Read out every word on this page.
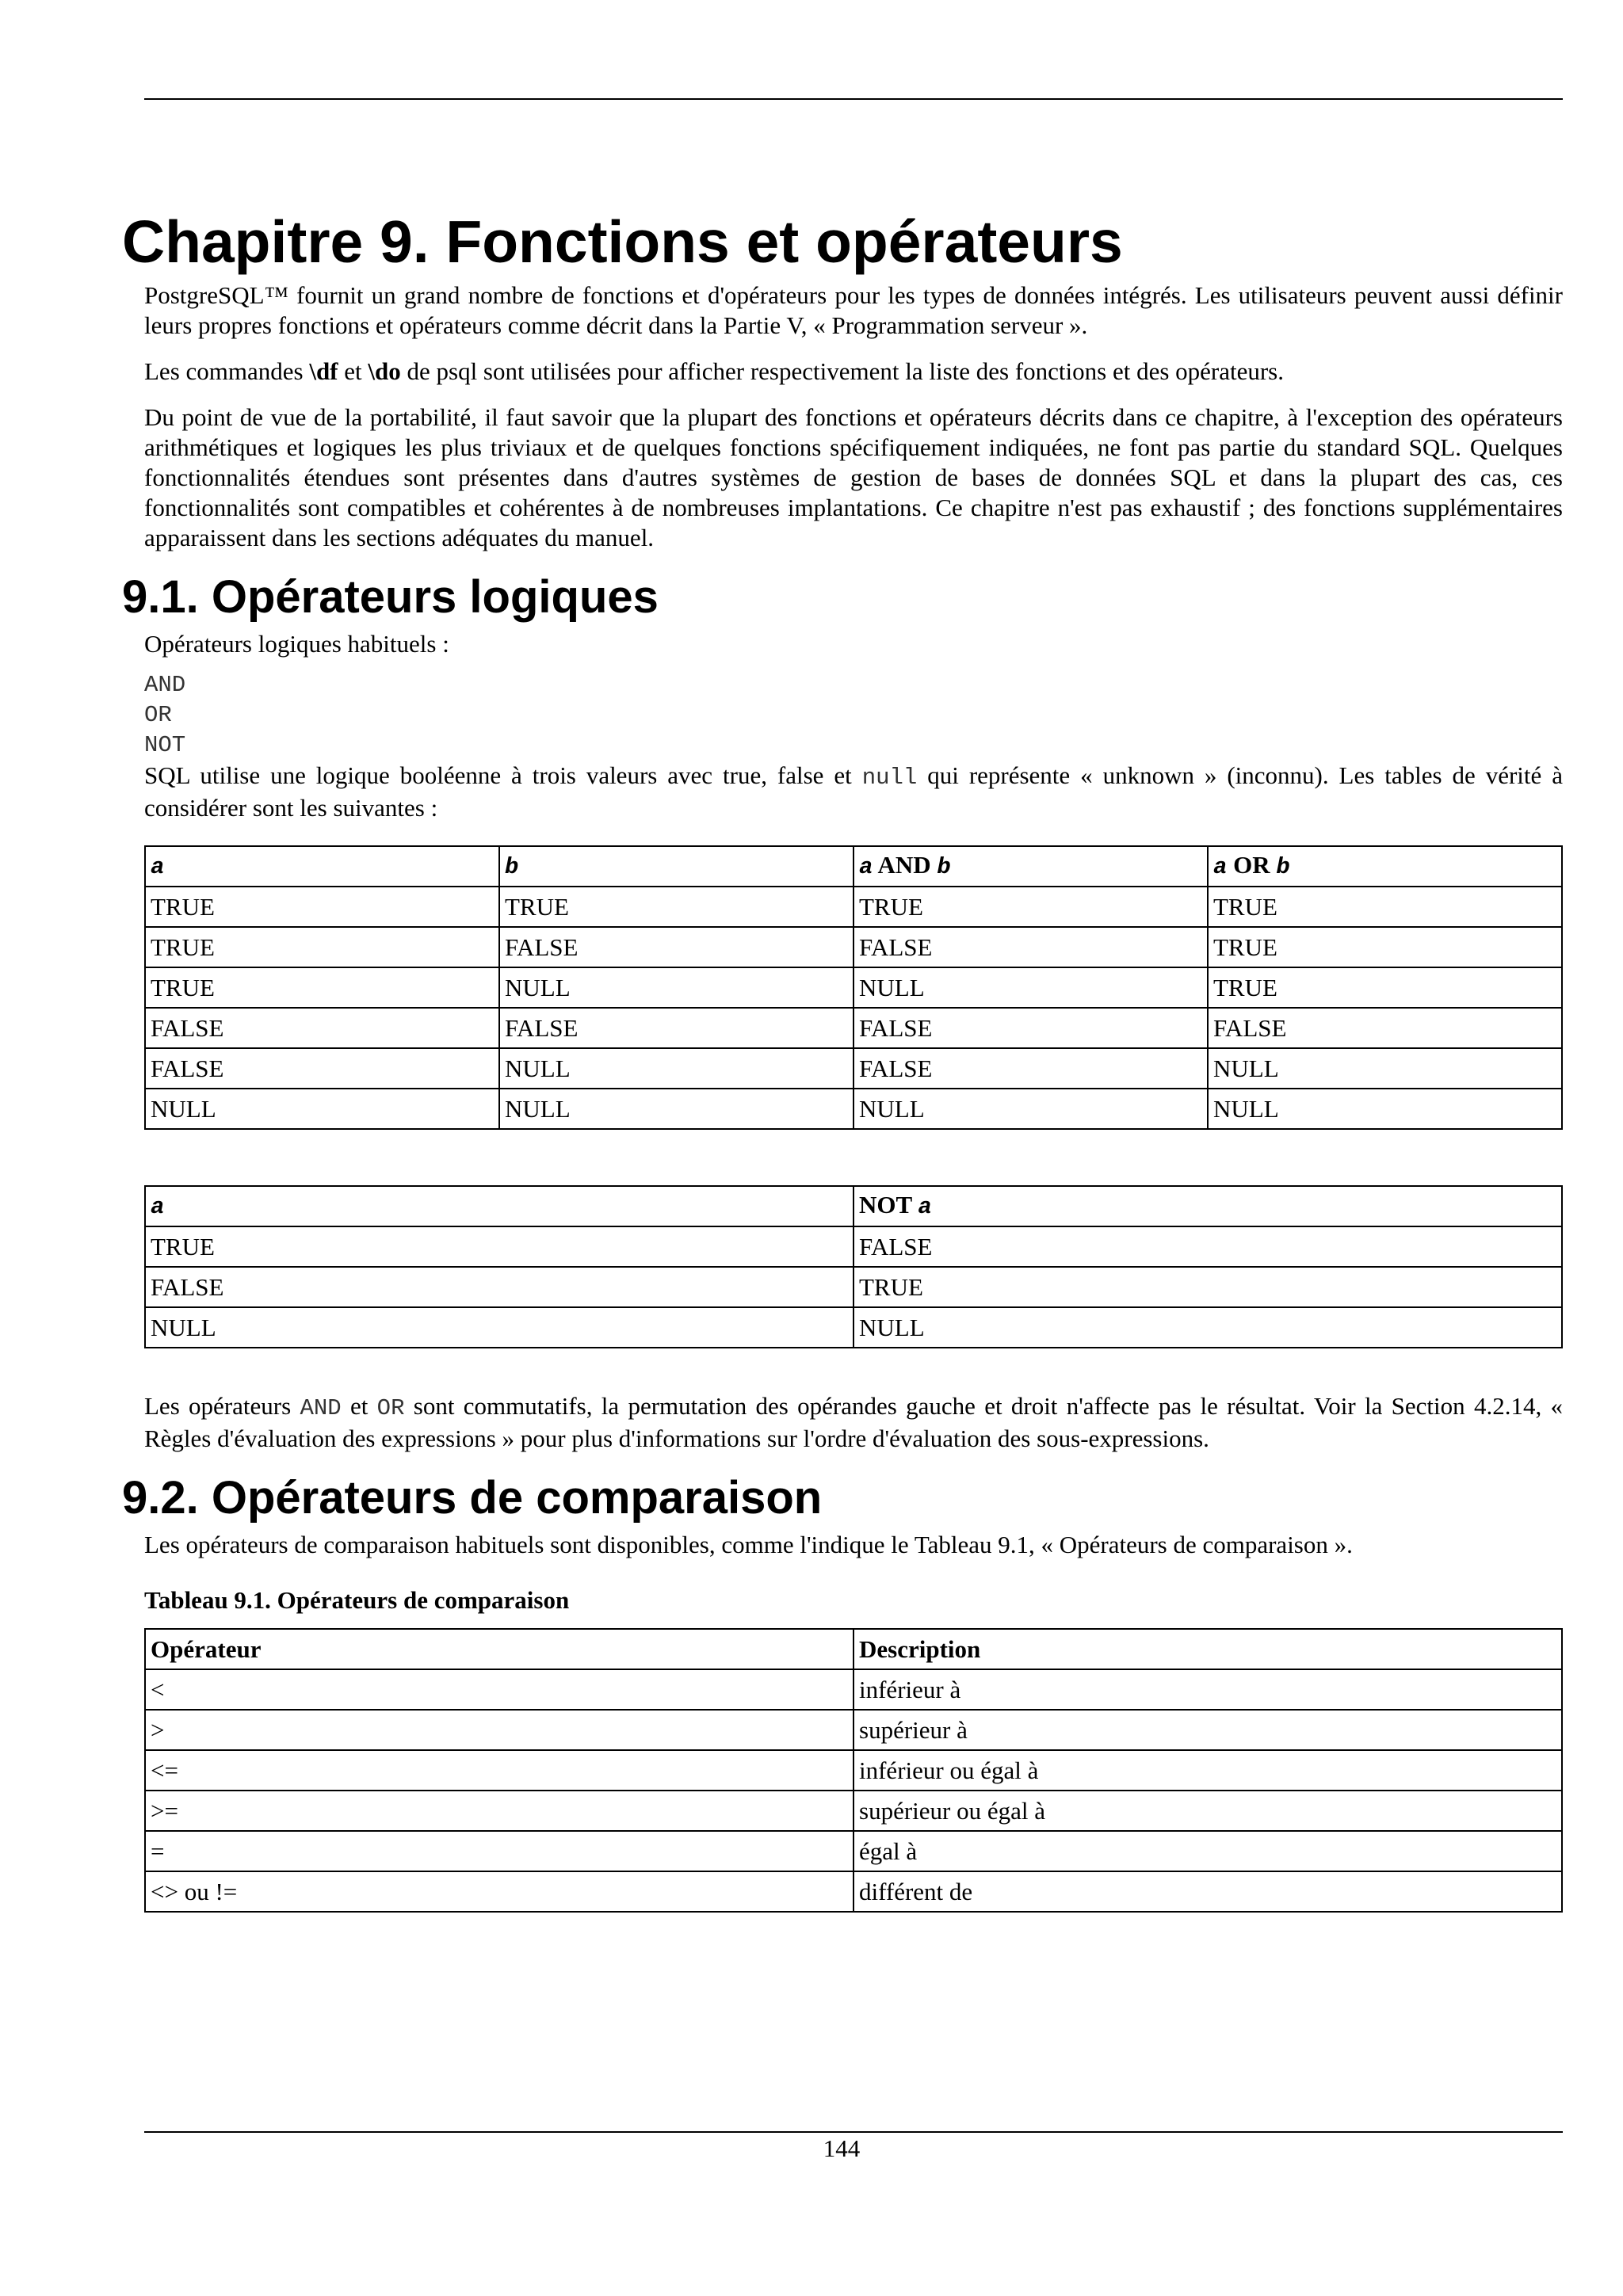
Chapitre 9. Fonctions et opérateurs

PostgreSQL™ fournit un grand nombre de fonctions et d'opérateurs pour les types de données intégrés. Les utilisateurs peuvent aussi définir leurs propres fonctions et opérateurs comme décrit dans la Partie V, « Programmation serveur ».

Les commandes \df et \do de psql sont utilisées pour afficher respectivement la liste des fonctions et des opérateurs.

Du point de vue de la portabilité, il faut savoir que la plupart des fonctions et opérateurs décrits dans ce chapitre, à l'exception des opérateurs arithmétiques et logiques les plus triviaux et de quelques fonctions spécifiquement indiquées, ne font pas partie du standard SQL. Quelques fonctionnalités étendues sont présentes dans d'autres systèmes de gestion de bases de données SQL et dans la plupart des cas, ces fonctionnalités sont compatibles et cohérentes à de nombreuses implantations. Ce chapitre n'est pas exhaustif ; des fonctions supplémentaires apparaissent dans les sections adéquates du manuel.

9.1. Opérateurs logiques

Opérateurs logiques habituels :

AND
OR
NOT

SQL utilise une logique booléenne à trois valeurs avec true, false et null qui représente « unknown » (inconnu). Les tables de vérité à considérer sont les suivantes :

a	b	a AND b	a OR b
TRUE	TRUE	TRUE	TRUE
TRUE	FALSE	FALSE	TRUE
TRUE	NULL	NULL	TRUE
FALSE	FALSE	FALSE	FALSE
FALSE	NULL	FALSE	NULL
NULL	NULL	NULL	NULL
a	NOT a
TRUE	FALSE
FALSE	TRUE
NULL	NULL

Les opérateurs AND et OR sont commutatifs, la permutation des opérandes gauche et droit n'affecte pas le résultat. Voir la Section 4.2.14, « Règles d'évaluation des expressions » pour plus d'informations sur l'ordre d'évaluation des sous-expressions.

9.2. Opérateurs de comparaison

Les opérateurs de comparaison habituels sont disponibles, comme l'indique le Tableau 9.1, « Opérateurs de comparaison ».

Tableau 9.1. Opérateurs de comparaison
Opérateur	Description
<	inférieur à
>	supérieur à
<=	inférieur ou égal à
>=	supérieur ou égal à
=	égal à
<> ou !=	différent de
144
